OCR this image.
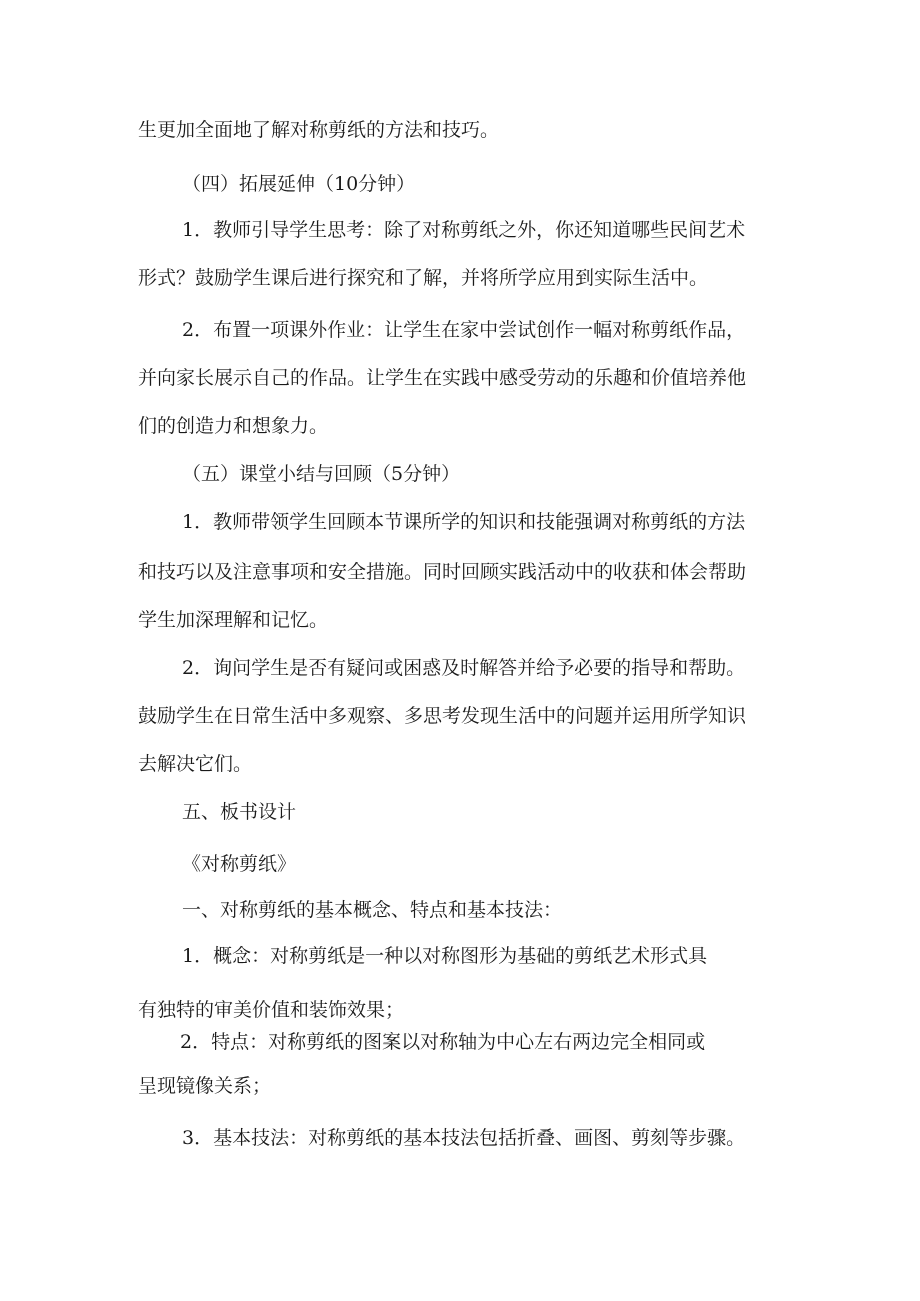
生更加全面地了解对称剪纸的方法和技巧。
（四）拓展延伸（10分钟）
1．教师引导学生思考：除了对称剪纸之外，你还知道哪些民间艺术
形式？鼓励学生课后进行探究和了解，并将所学应用到实际生活中。
2．布置一项课外作业：让学生在家中尝试创作一幅对称剪纸作品，
并向家长展示自己的作品。让学生在实践中感受劳动的乐趣和价值培养他
们的创造力和想象力。
（五）课堂小结与回顾（5分钟）
1．教师带领学生回顾本节课所学的知识和技能强调对称剪纸的方法
和技巧以及注意事项和安全措施。同时回顾实践活动中的收获和体会帮助
学生加深理解和记忆。
2．询问学生是否有疑问或困惑及时解答并给予必要的指导和帮助。
鼓励学生在日常生活中多观察、多思考发现生活中的问题并运用所学知识
去解决它们。
五、板书设计
《对称剪纸》
一、对称剪纸的基本概念、特点和基本技法：
1．概念：对称剪纸是一种以对称图形为基础的剪纸艺术形式具
有独特的审美价值和装饰效果；
2．特点：对称剪纸的图案以对称轴为中心左右两边完全相同或
呈现镜像关系；
3．基本技法：对称剪纸的基本技法包括折叠、画图、剪刻等步骤。
